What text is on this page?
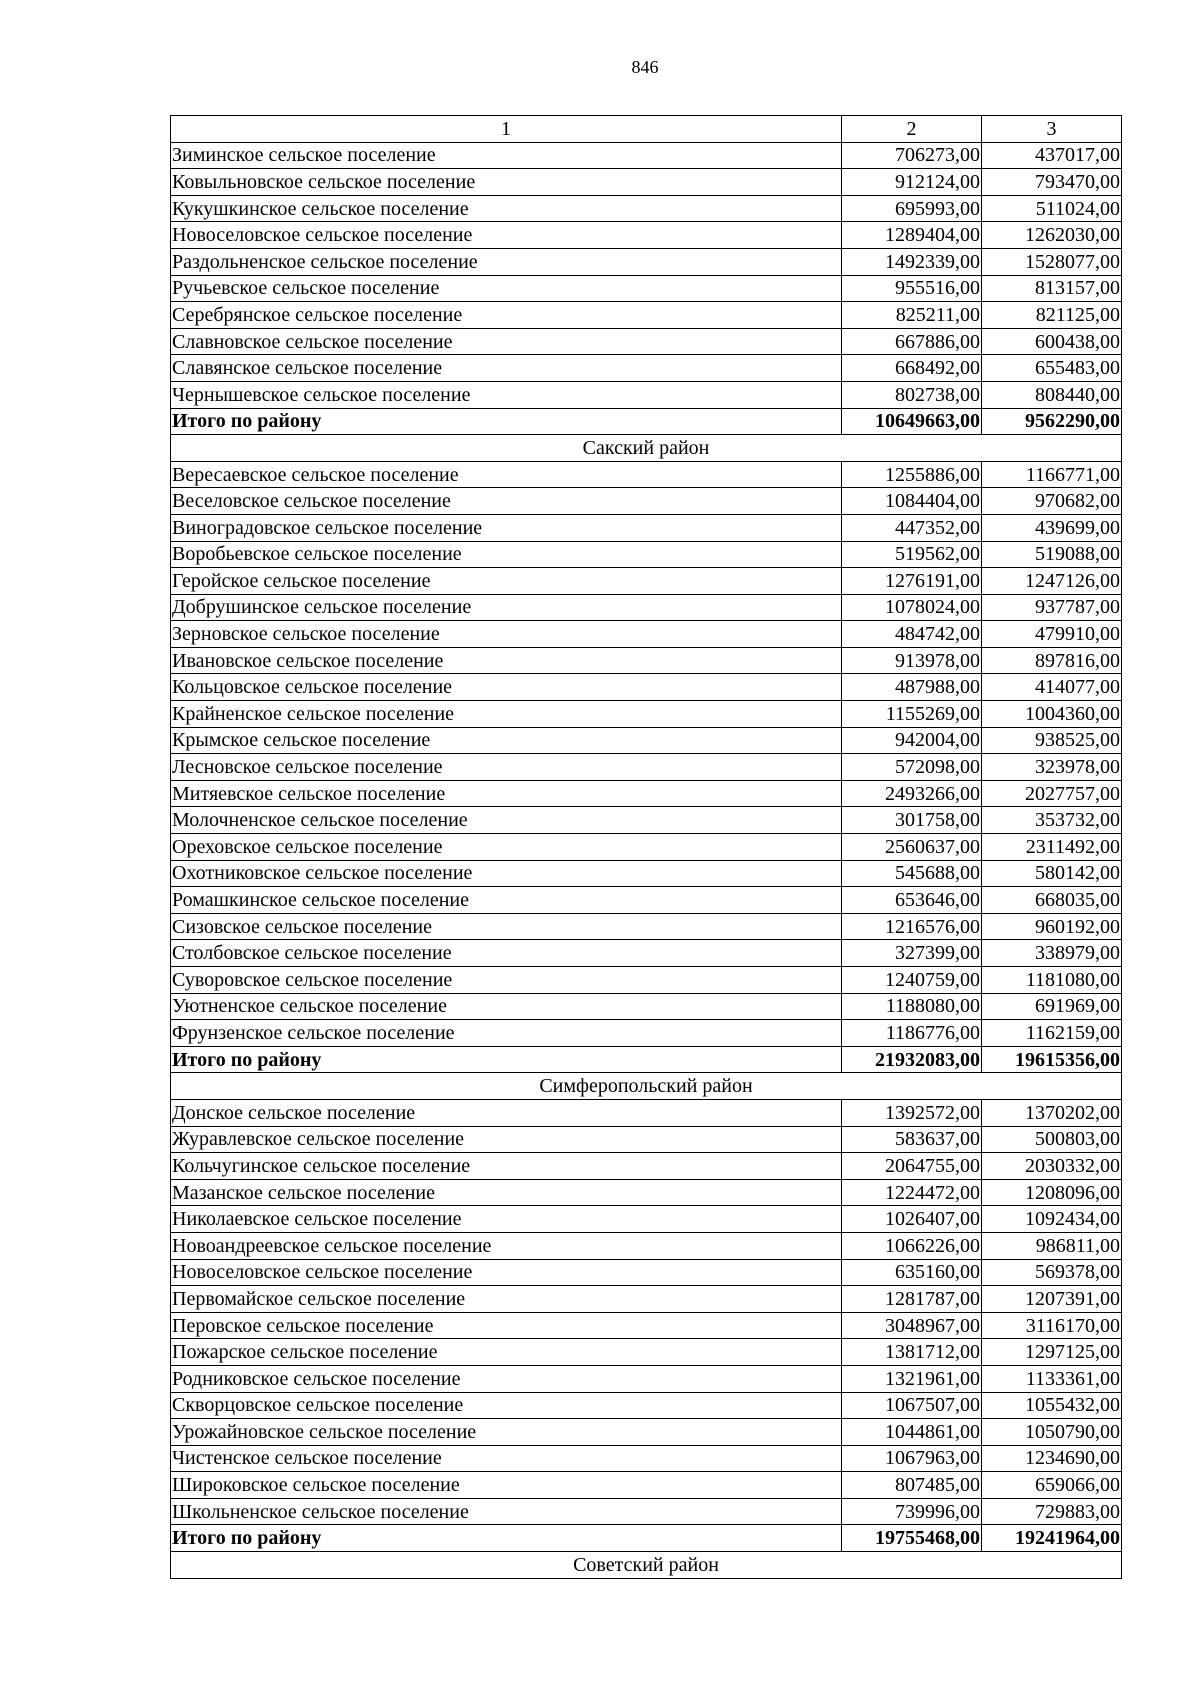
846
1	2	3
Зиминское сельское поселение	706273,00	437017,00
Ковыльновское сельское поселение	912124,00	793470,00
Кукушкинское сельское поселение	695993,00	511024,00
Новоселовское сельское поселение	1289404,00	1262030,00
Раздольненское сельское поселение	1492339,00	1528077,00
Ручьевское сельское поселение	955516,00	813157,00
Серебрянское сельское поселение	825211,00	821125,00
Славновское сельское поселение	667886,00	600438,00
Славянское сельское поселение	668492,00	655483,00
Чернышевское сельское поселение	802738,00	808440,00
Итого по району	10649663,00	9562290,00
Сакский район		
Вересаевское сельское поселение	1255886,00	1166771,00
Веселовское сельское поселение	1084404,00	970682,00
Виноградовское сельское поселение	447352,00	439699,00
Воробьевское сельское поселение	519562,00	519088,00
Геройское сельское поселение	1276191,00	1247126,00
Добрушинское сельское поселение	1078024,00	937787,00
Зерновское сельское поселение	484742,00	479910,00
Ивановское сельское поселение	913978,00	897816,00
Кольцовское сельское поселение	487988,00	414077,00
Крайненское сельское поселение	1155269,00	1004360,00
Крымское сельское поселение	942004,00	938525,00
Лесновское сельское поселение	572098,00	323978,00
Митяевское сельское поселение	2493266,00	2027757,00
Молочненское сельское поселение	301758,00	353732,00
Ореховское сельское поселение	2560637,00	2311492,00
Охотниковское сельское поселение	545688,00	580142,00
Ромашкинское сельское поселение	653646,00	668035,00
Сизовское сельское поселение	1216576,00	960192,00
Столбовское сельское поселение	327399,00	338979,00
Суворовское сельское поселение	1240759,00	1181080,00
Уютненское сельское поселение	1188080,00	691969,00
Фрунзенское сельское поселение	1186776,00	1162159,00
Итого по району	21932083,00	19615356,00
Симферопольский район		
Донское сельское поселение	1392572,00	1370202,00
Журавлевское сельское поселение	583637,00	500803,00
Кольчугинское сельское поселение	2064755,00	2030332,00
Мазанское сельское поселение	1224472,00	1208096,00
Николаевское сельское поселение	1026407,00	1092434,00
Новоандреевское сельское поселение	1066226,00	986811,00
Новоселовское сельское поселение	635160,00	569378,00
Первомайское сельское поселение	1281787,00	1207391,00
Перовское сельское поселение	3048967,00	3116170,00
Пожарское сельское поселение	1381712,00	1297125,00
Родниковское сельское поселение	1321961,00	1133361,00
Скворцовское сельское поселение	1067507,00	1055432,00
Урожайновское сельское поселение	1044861,00	1050790,00
Чистенское сельское поселение	1067963,00	1234690,00
Широковское сельское поселение	807485,00	659066,00
Школьненское сельское поселение	739996,00	729883,00
Итого по району	19755468,00	19241964,00
Советский район		
